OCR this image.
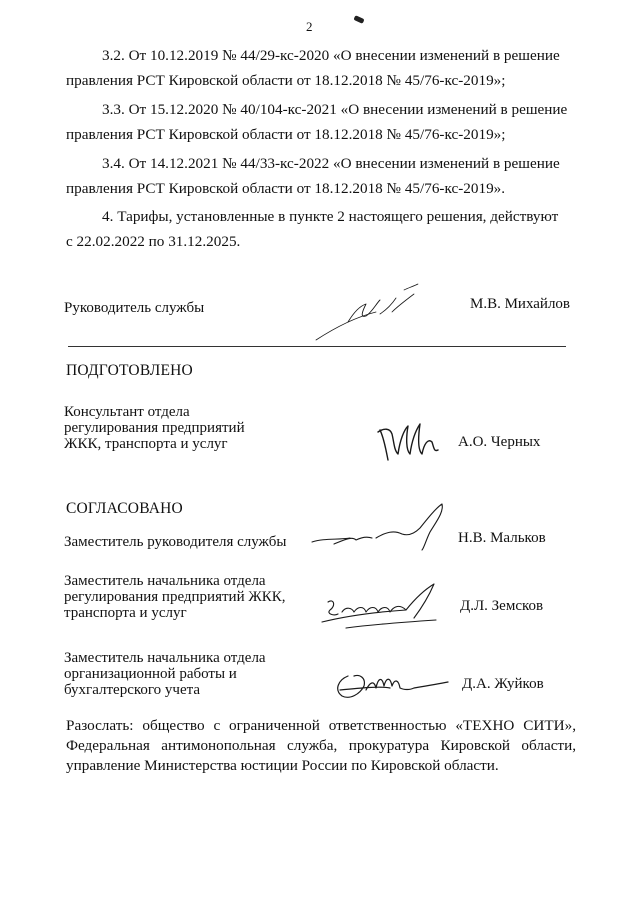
2
3.2. От 10.12.2019 № 44/29-кс-2020 «О внесении изменений в решение
правления РСТ Кировской области от 18.12.2018 № 45/76-кс-2019»;
3.3. От 15.12.2020 № 40/104-кс-2021 «О внесении изменений в решение
правления РСТ Кировской области от 18.12.2018 № 45/76-кс-2019»;
3.4. От 14.12.2021 № 44/33-кс-2022 «О внесении изменений в решение
правления РСТ Кировской области от 18.12.2018 № 45/76-кс-2019».
4. Тарифы, установленные в пункте 2 настоящего решения, действуют
с 22.02.2022 по 31.12.2025.
Руководитель службы	М.В. Михайлов
ПОДГОТОВЛЕНО
Консультант отдела
регулирования предприятий
ЖКК, транспорта и услуг	А.О. Черных
СОГЛАСОВАНО
Заместитель руководителя службы	Н.В. Мальков
Заместитель начальника отдела
регулирования предприятий ЖКК,
транспорта и услуг	Д.Л. Земсков
Заместитель начальника отдела
организационной работы и
бухгалтерского учета	Д.А. Жуйков
Разослать: общество с ограниченной ответственностью «ТЕХНО СИТИ», Федеральная антимонопольная служба, прокуратура Кировской области, управление Министерства юстиции России по Кировской области.
